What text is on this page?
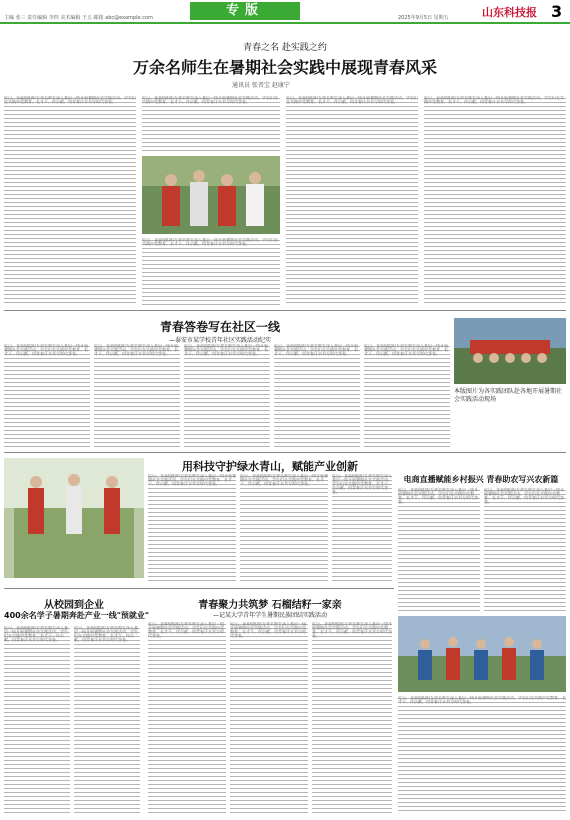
主编 张三 责任编辑 李四 美术编辑 王五 邮箱 abc@example.com	专版	2025年9月5日 星期五	山东科技报 3
青春之名 赴实践之约
万余名师生在暑期社会实践中展现青春风采
通讯员 张晋宝 赵康宁
近日，各高校组织万余名师生深入基层一线开展暑期社会实践活动，学生们在实践中受教育、长才干、作贡献，用青春汗水书写时代答卷。
近日，各高校组织万余名师生深入基层一线开展暑期社会实践活动，学生们在实践中受教育、长才干、作贡献，用青春汗水书写时代答卷。
近日，各高校组织万余名师生深入基层一线开展暑期社会实践活动，学生们在实践中受教育、长才干、作贡献，用青春汗水书写时代答卷。
近日，各高校组织万余名师生深入基层一线开展暑期社会实践活动，学生们在实践中受教育、长才干、作贡献，用青春汗水书写时代答卷。
近日，各高校组织万余名师生深入基层一线开展暑期社会实践活动，学生们在实践中受教育、长才干、作贡献，用青春汗水书写时代答卷。
青春答卷写在社区一线
—泰安市某学校青年社区实践活动纪实
近日，各高校组织万余名师生深入基层一线开展暑期社会实践活动，学生们在实践中受教育、长才干、作贡献，用青春汗水书写时代答卷。
近日，各高校组织万余名师生深入基层一线开展暑期社会实践活动，学生们在实践中受教育、长才干、作贡献，用青春汗水书写时代答卷。
近日，各高校组织万余名师生深入基层一线开展暑期社会实践活动，学生们在实践中受教育、长才干、作贡献，用青春汗水书写时代答卷。
近日，各高校组织万余名师生深入基层一线开展暑期社会实践活动，学生们在实践中受教育、长才干、作贡献，用青春汗水书写时代答卷。
近日，各高校组织万余名师生深入基层一线开展暑期社会实践活动，学生们在实践中受教育、长才干、作贡献，用青春汗水书写时代答卷。
本版图片为各实践团队赴各地开展暑期社会实践活动现场
用科技守护绿水青山，赋能产业创新
近日，各高校组织万余名师生深入基层一线开展暑期社会实践活动，学生们在实践中受教育、长才干、作贡献，用青春汗水书写时代答卷。
近日，各高校组织万余名师生深入基层一线开展暑期社会实践活动，学生们在实践中受教育、长才干、作贡献，用青春汗水书写时代答卷。
近日，各高校组织万余名师生深入基层一线开展暑期社会实践活动，学生们在实践中受教育、长才干、作贡献，用青春汗水书写时代答卷。
电商直播赋能乡村振兴 青春助农写兴农新篇
近日，各高校组织万余名师生深入基层一线开展暑期社会实践活动，学生们在实践中受教育、长才干、作贡献，用青春汗水书写时代答卷。
近日，各高校组织万余名师生深入基层一线开展暑期社会实践活动，学生们在实践中受教育、长才干、作贡献，用青春汗水书写时代答卷。
从校园到企业
400余名学子暑期奔赴产业一线"预就业"
近日，各高校组织万余名师生深入基层一线开展暑期社会实践活动，学生们在实践中受教育、长才干、作贡献，用青春汗水书写时代答卷。
近日，各高校组织万余名师生深入基层一线开展暑期社会实践活动，学生们在实践中受教育、长才干、作贡献，用青春汗水书写时代答卷。
青春聚力共筑梦 石榴结籽一家亲
—记某大学青年学生暑期民族团结实践活动
近日，各高校组织万余名师生深入基层一线开展暑期社会实践活动，学生们在实践中受教育、长才干、作贡献，用青春汗水书写时代答卷。
近日，各高校组织万余名师生深入基层一线开展暑期社会实践活动，学生们在实践中受教育、长才干、作贡献，用青春汗水书写时代答卷。
近日，各高校组织万余名师生深入基层一线开展暑期社会实践活动，学生们在实践中受教育、长才干、作贡献，用青春汗水书写时代答卷。
近日，各高校组织万余名师生深入基层一线开展暑期社会实践活动，学生们在实践中受教育、长才干、作贡献，用青春汗水书写时代答卷。
